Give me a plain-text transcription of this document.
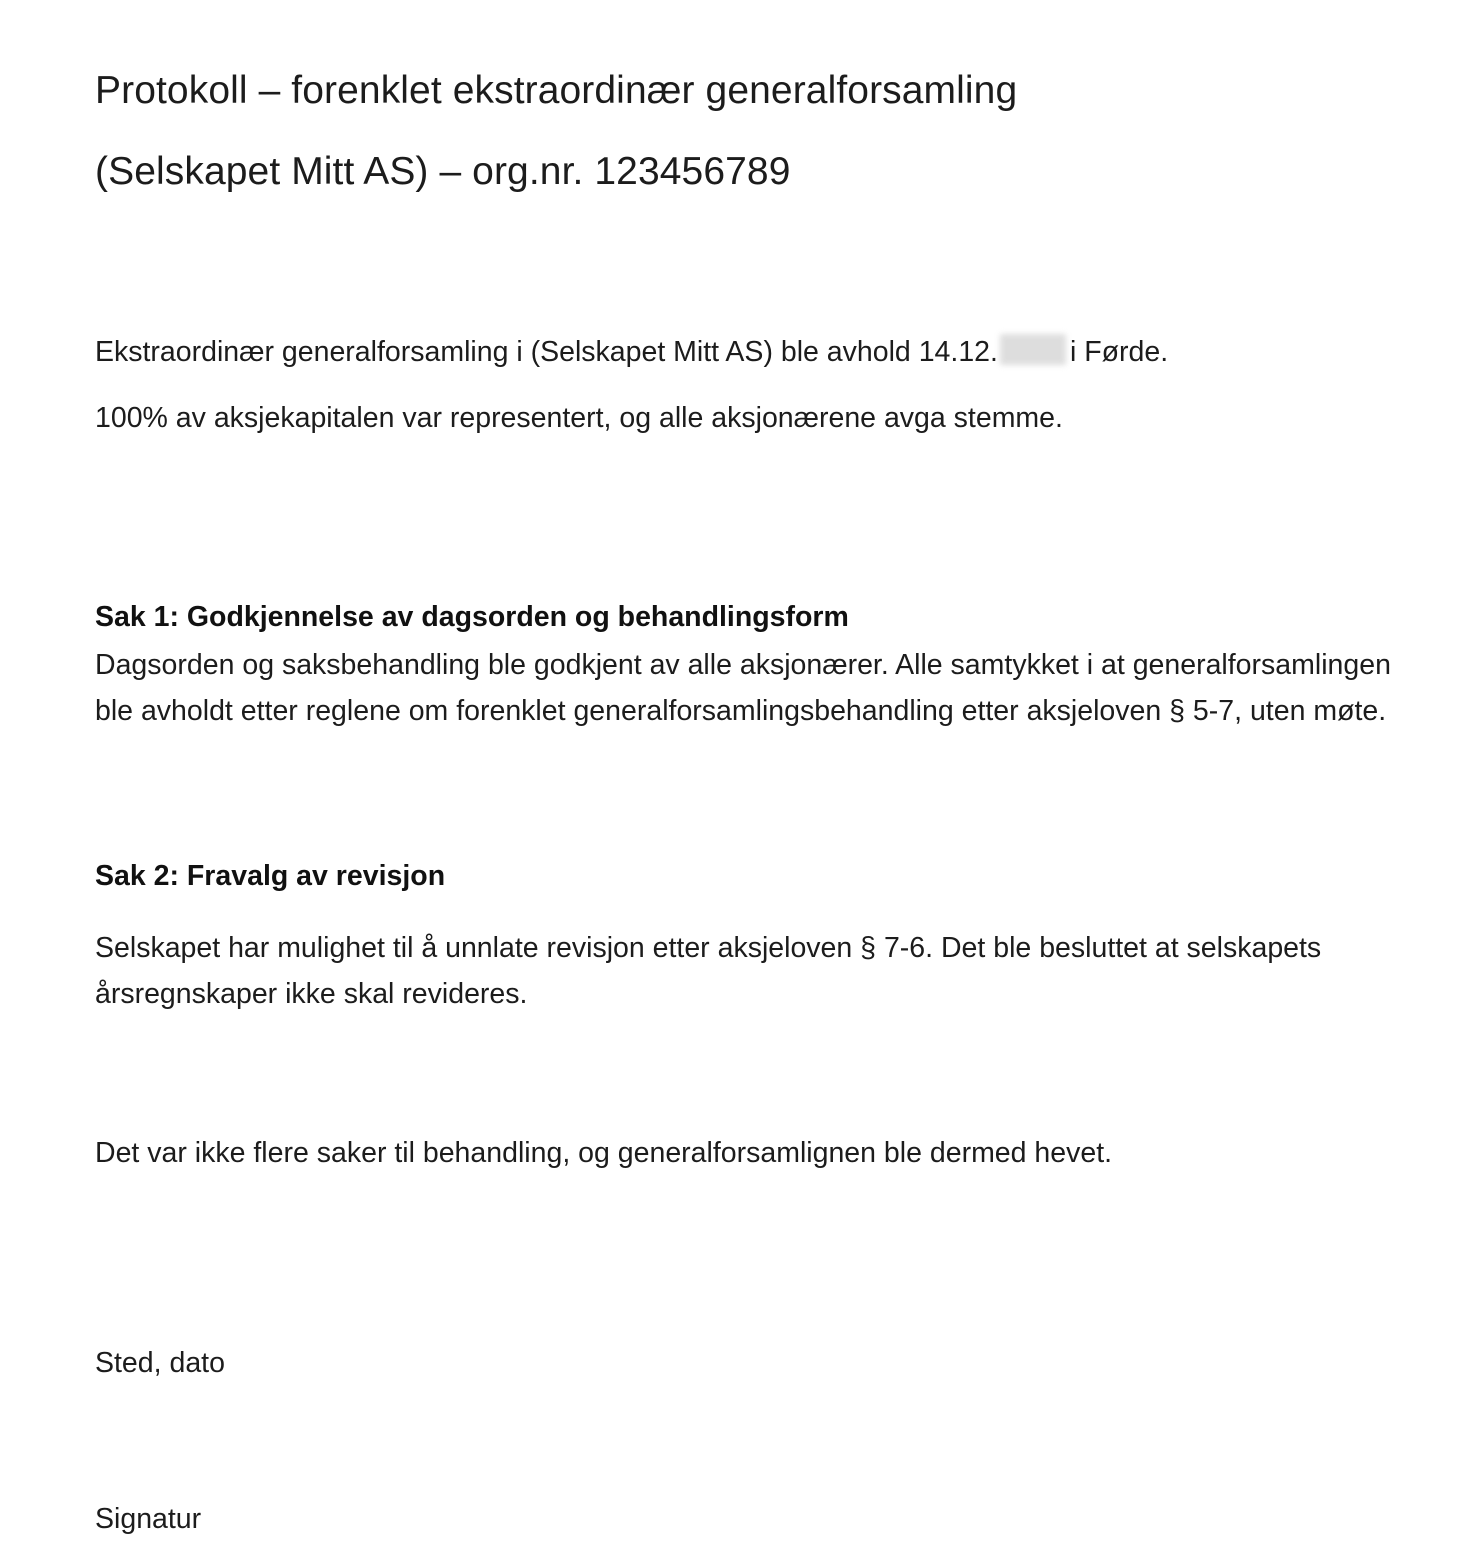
Protokoll – forenklet ekstraordinær generalforsamling
(Selskapet Mitt AS) – org.nr. 123456789

Ekstraordinær generalforsamling i (Selskapet Mitt AS) ble avhold 14.12.	i Førde.

100% av aksjekapitalen var representert, og alle aksjonærene avga stemme.

Sak 1: Godkjennelse av dagsorden og behandlingsform

Dagsorden og saksbehandling ble godkjent av alle aksjonærer. Alle samtykket i at generalforsamlingen ble avholdt etter reglene om forenklet generalforsamlingsbehandling etter aksjeloven § 5-7, uten møte.

Sak 2: Fravalg av revisjon

Selskapet har mulighet til å unnlate revisjon etter aksjeloven § 7-6. Det ble besluttet at selskapets årsregnskaper ikke skal revideres.

Det var ikke flere saker til behandling, og generalforsamlignen ble dermed hevet.

Sted, dato

Signatur
